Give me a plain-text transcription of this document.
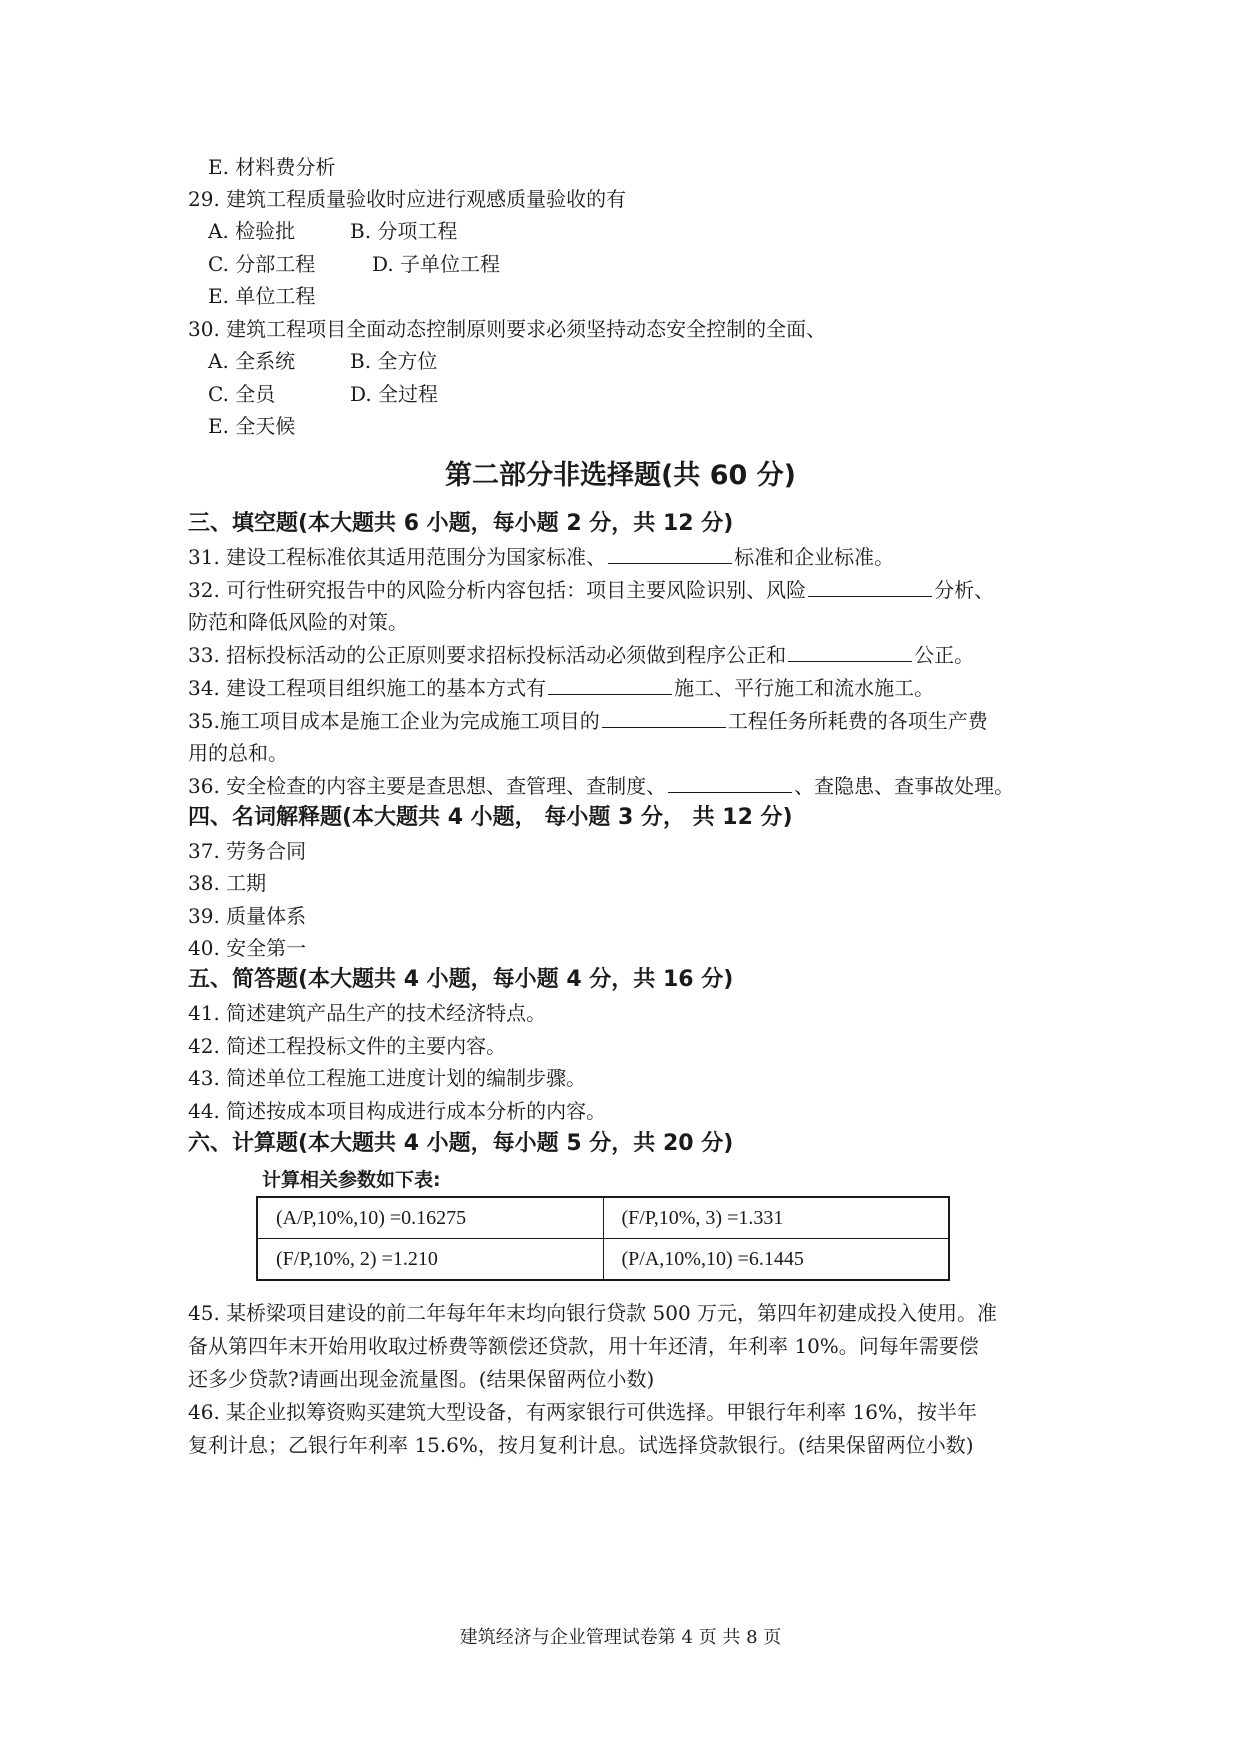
E. 材料费分析
29. 建筑工程质量验收时应进行观感质量验收的有
A. 检验批	B. 分项工程
C. 分部工程	D. 子单位工程
E. 单位工程
30. 建筑工程项目全面动态控制原则要求必须坚持动态安全控制的全面、
A. 全系统	B. 全方位
C. 全员	D. 全过程
E. 全天候
第二部分非选择题(共 60 分)
三、填空题(本大题共 6 小题，每小题 2 分，共 12 分)
31. 建设工程标准依其适用范围分为国家标准、	标准和企业标准。
32. 可行性研究报告中的风险分析内容包括：项目主要风险识别、风险	分析、
防范和降低风险的对策。
33. 招标投标活动的公正原则要求招标投标活动必须做到程序公正和	公正。
34. 建设工程项目组织施工的基本方式有	施工、平行施工和流水施工。
35.施工项目成本是施工企业为完成施工项目的	工程任务所耗费的各项生产费
用的总和。
36. 安全检查的内容主要是查思想、查管理、查制度、	、查隐患、查事故处理。
四、名词解释题(本大题共 4 小题， 每小题 3 分， 共 12 分)
37. 劳务合同
38. 工期
39. 质量体系
40. 安全第一
五、简答题(本大题共 4 小题，每小题 4 分，共 16 分)
41. 简述建筑产品生产的技术经济特点。
42. 简述工程投标文件的主要内容。
43. 简述单位工程施工进度计划的编制步骤。
44. 简述按成本项目构成进行成本分析的内容。
六、计算题(本大题共 4 小题，每小题 5 分，共 20 分)
计算相关参数如下表:
(A/P,10%,10) =0.16275	(F/P,10%, 3) =1.331
(F/P,10%, 2) =1.210	(P/A,10%,10) =6.1445
45. 某桥梁项目建设的前二年每年年末均向银行贷款 500 万元，第四年初建成投入使用。准
备从第四年末开始用收取过桥费等额偿还贷款，用十年还清，年利率 10%。问每年需要偿
还多少贷款?请画出现金流量图。(结果保留两位小数)
46. 某企业拟筹资购买建筑大型设备，有两家银行可供选择。甲银行年利率 16%，按半年
复利计息；乙银行年利率 15.6%，按月复利计息。试选择贷款银行。(结果保留两位小数)
建筑经济与企业管理试卷第 4 页 共 8 页
